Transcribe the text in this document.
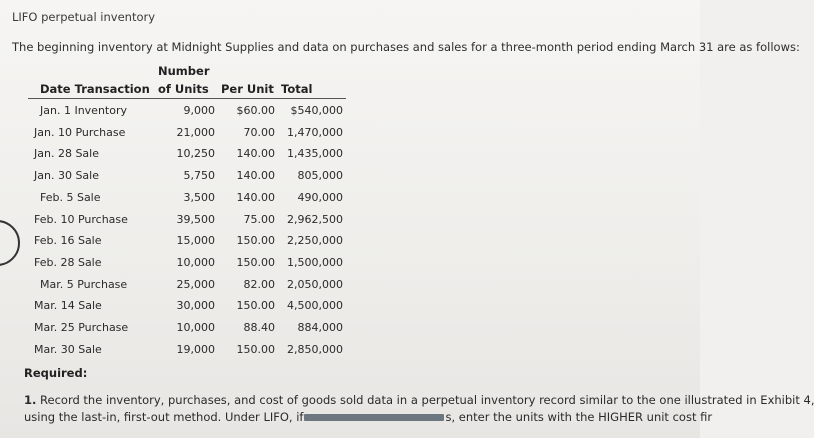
LIFO perpetual inventory
The beginning inventory at Midnight Supplies and data on purchases and sales for a three-month period ending March 31 are as follows:
Number
Date Transaction of Units Per Unit Total
Jan. 1 Inventory	9,000 $60.00 $540,000
Jan. 10 Purchase	21,000	70.00 1,470,000
Jan. 28 Sale	10,250 140.00 1,435,000
Jan. 30 Sale	5,750 140.00 805,000
Feb. 5 Sale	3,500 140.00 490,000
Feb. 10 Purchase	39,500	75.00 2,962,500
Feb. 16 Sale	15,000 150.00 2,250,000
Feb. 28 Sale	10,000 150.00 1,500,000
Mar. 5 Purchase	25,000	82.00 2,050,000
Mar. 14 Sale	30,000 150.00 4,500,000
Mar. 25 Purchase	10,000	88.40 884,000
Mar. 30 Sale	19,000 150.00 2,850,000
Required:
1. Record the inventory, purchases, and cost of goods sold data in a perpetual inventory record similar to the one illustrated in Exhibit 4,
using the last-in, first-out method. Under LIFO, if	s, enter the units with the HIGHER unit cost fir
